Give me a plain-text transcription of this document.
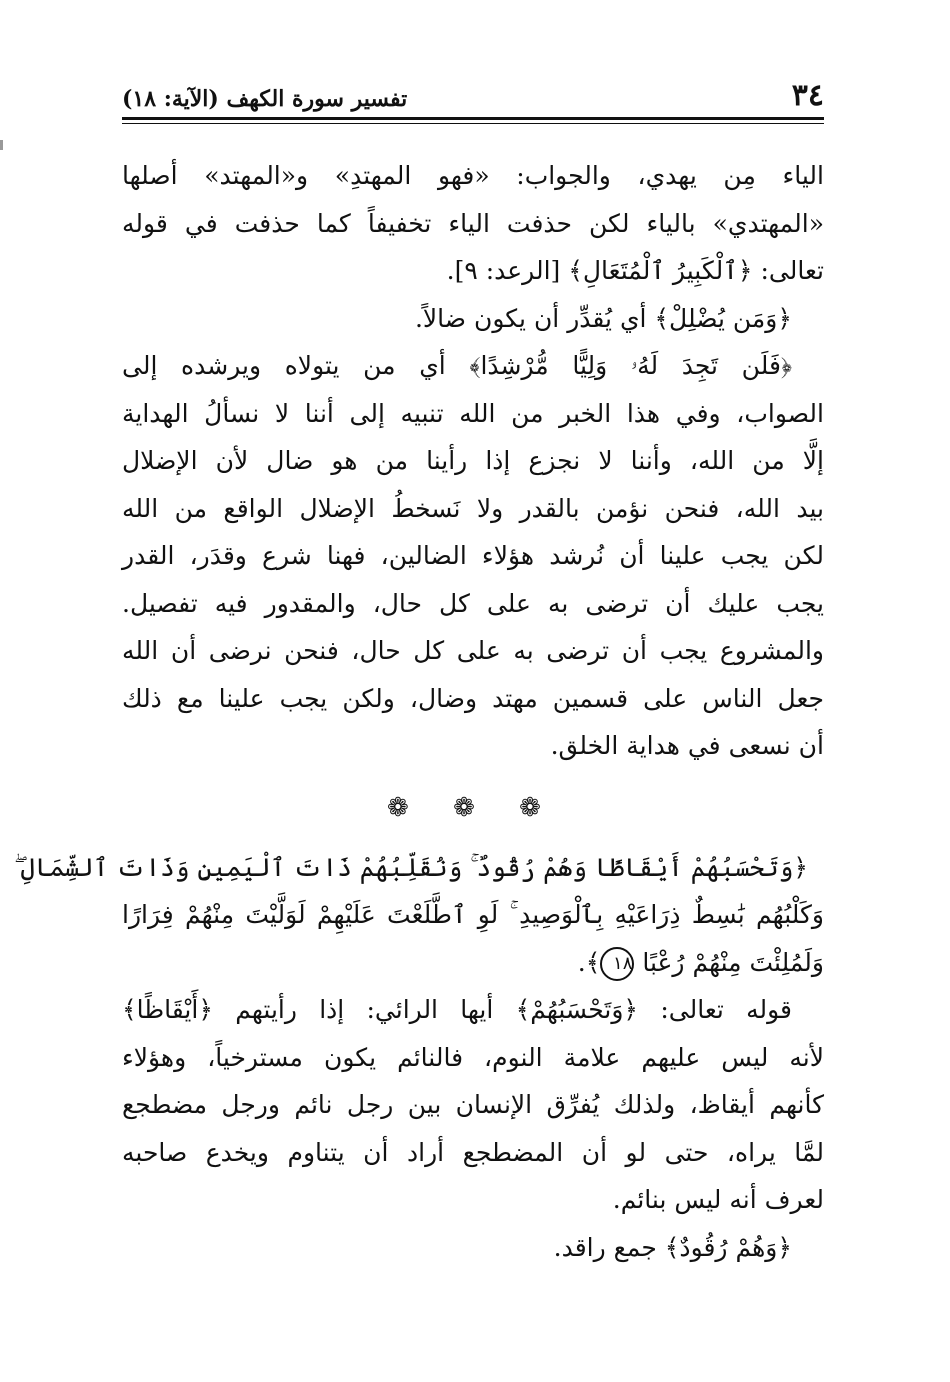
٣٤
تفسير سورة الكهف (الآية: ١٨)

الياء مِن يهدي، والجواب: «فهو المهتدِ» و«المهتد» أصلها
«المهتدي» بالياء لكن حذفت الياء تخفيفاً كما حذفت في قوله
تعالى: ﴿ٱلْكَبِيرُ ٱلْمُتَعَالِ﴾ [الرعد: ٩].

﴿وَمَن يُضْلِلْ﴾ أي يُقدِّر أن يكون ضالاً.

﴿فَلَن تَجِدَ لَهُۥ وَلِيًّا مُّرْشِدًا﴾ أي من يتولاه ويرشده إلى
الصواب، وفي هذا الخبر من الله تنبيه إلى أننا لا نسألُ الهداية
إلَّا من الله، وأننا لا نجزع إذا رأينا من هو ضال لأن الإضلال
بيد الله، فنحن نؤمن بالقدر ولا نَسخطُ الإضلال الواقع من الله
لكن يجب علينا أن نُرشد هؤلاء الضالين، فهنا شرع وقدَر، القدر
يجب عليك أن ترضى به على كل حال، والمقدور فيه تفصيل.
والمشروع يجب أن ترضى به على كل حال، فنحن نرضى أن الله
جعل الناس على قسمين مهتد وضال، ولكن يجب علينا مع ذلك
أن نسعى في هداية الخلق.

❁ ❁ ❁

﴿وَتَحْسَبُهُمْ أَيْقَاظًا وَهُمْ رُقُودٌ ۚ وَنُقَلِّبُهُمْ ذَاتَ ٱلْيَمِينِ وَذَاتَ ٱلشِّمَالِ ۖ
وَكَلْبُهُم بَٰسِطٌ ذِرَاعَيْهِ بِٱلْوَصِيدِ ۚ لَوِ ٱطَّلَعْتَ عَلَيْهِمْ لَوَلَّيْتَ مِنْهُمْ فِرَارًا
وَلَمُلِئْتَ مِنْهُمْ رُعْبًا ١٨﴾.

قوله تعالى: ﴿وَتَحْسَبُهُمْ﴾ أيها الرائي: إذا رأيتهم ﴿أَيْقَاظًا﴾
لأنه ليس عليهم علامة النوم، فالنائم يكون مسترخياً، وهؤلاء
كأنهم أيقاظ، ولذلك يُفرِّق الإنسان بين رجل نائم ورجل مضطجع
لمَّا يراه، حتى لو أن المضطجع أراد أن يتناوم ويخدع صاحبه
لعرف أنه ليس بنائم.

﴿وَهُمْ رُقُودٌ﴾ جمع راقد.
